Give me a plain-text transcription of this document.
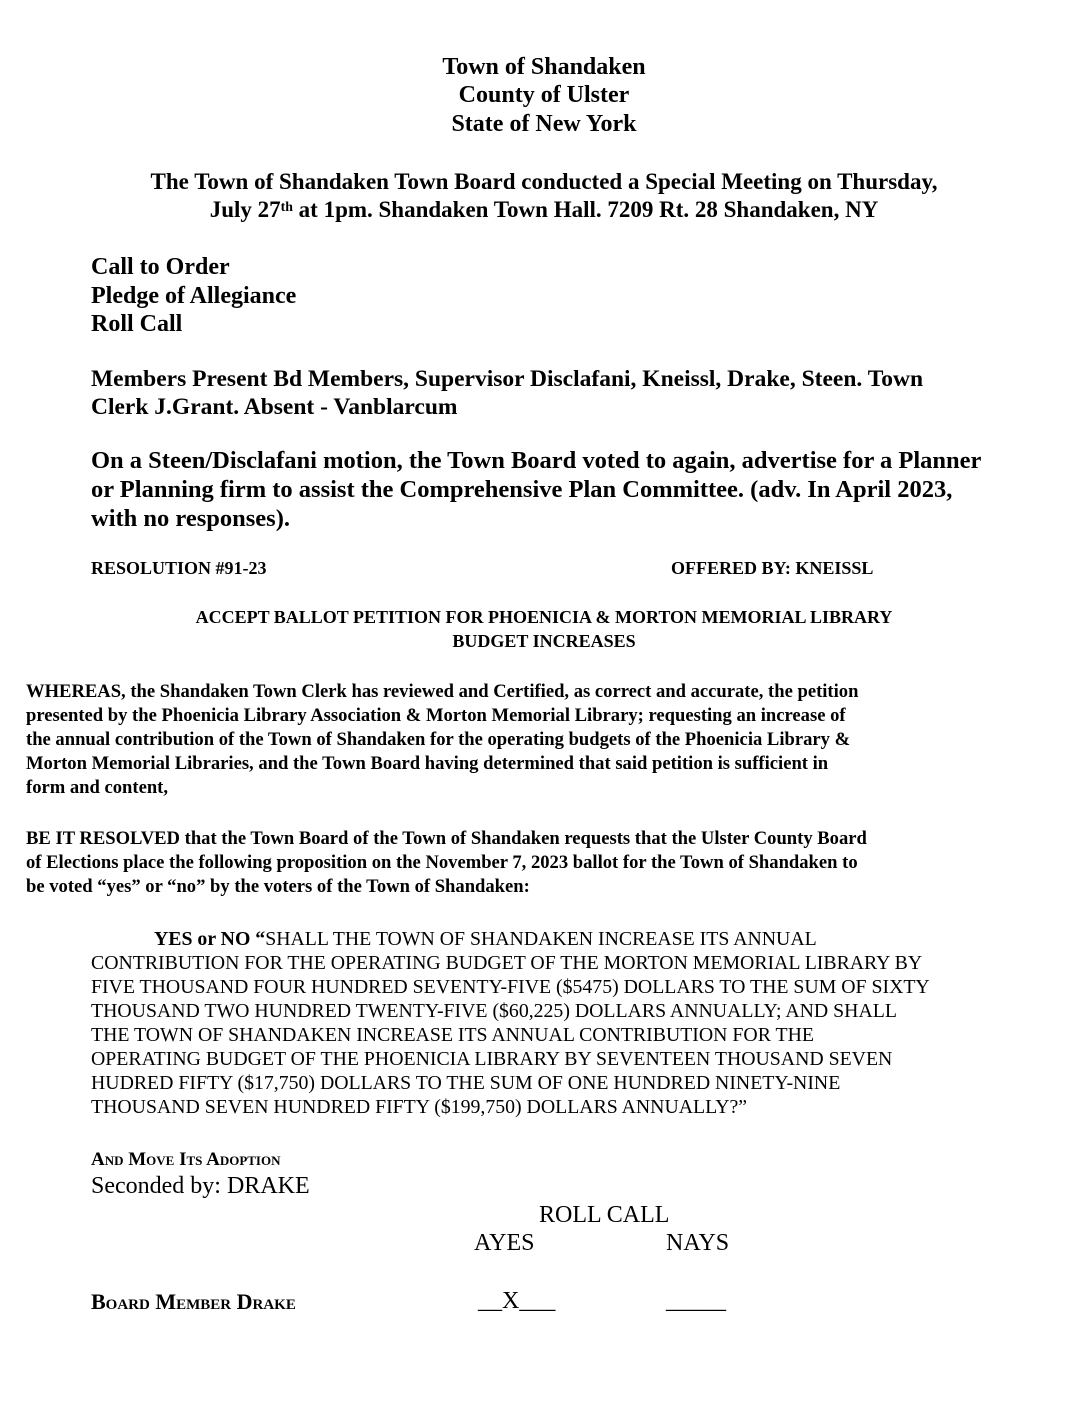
Town of Shandaken
County of Ulster
State of New York
The Town of Shandaken Town Board conducted a Special Meeting on Thursday,
July 27th at 1pm. Shandaken Town Hall. 7209 Rt. 28 Shandaken, NY
Call to Order
Pledge of Allegiance
Roll Call
Members Present Bd Members, Supervisor Disclafani, Kneissl, Drake, Steen. Town
Clerk J.Grant. Absent - Vanblarcum
On a Steen/Disclafani motion, the Town Board voted to again, advertise for a Planner
or Planning firm to assist the Comprehensive Plan Committee. (adv. In April 2023,
with no responses).
RESOLUTION #91-23	OFFERED BY: KNEISSL
ACCEPT BALLOT PETITION FOR PHOENICIA & MORTON MEMORIAL LIBRARY
BUDGET INCREASES
WHEREAS, the Shandaken Town Clerk has reviewed and Certified, as correct and accurate, the petition
presented by the Phoenicia Library Association & Morton Memorial Library; requesting an increase of
the annual contribution of the Town of Shandaken for the operating budgets of the Phoenicia Library &
Morton Memorial Libraries, and the Town Board having determined that said petition is sufficient in
form and content,
BE IT RESOLVED that the Town Board of the Town of Shandaken requests that the Ulster County Board
of Elections place the following proposition on the November 7, 2023 ballot for the Town of Shandaken to
be voted “yes” or “no” by the voters of the Town of Shandaken:
YES or NO “SHALL THE TOWN OF SHANDAKEN INCREASE ITS ANNUAL
CONTRIBUTION FOR THE OPERATING BUDGET OF THE MORTON MEMORIAL LIBRARY BY
FIVE THOUSAND FOUR HUNDRED SEVENTY-FIVE ($5475) DOLLARS TO THE SUM OF SIXTY
THOUSAND TWO HUNDRED TWENTY-FIVE ($60,225) DOLLARS ANNUALLY; AND SHALL
THE TOWN OF SHANDAKEN INCREASE ITS ANNUAL CONTRIBUTION FOR THE
OPERATING BUDGET OF THE PHOENICIA LIBRARY BY SEVENTEEN THOUSAND SEVEN
HUDRED FIFTY ($17,750) DOLLARS TO THE SUM OF ONE HUNDRED NINETY-NINE
THOUSAND SEVEN HUNDRED FIFTY ($199,750) DOLLARS ANNUALLY?”
And Move Its Adoption
Seconded by: DRAKE
ROLL CALL
AYES	NAYS
Board Member Drake	__X___	_____
